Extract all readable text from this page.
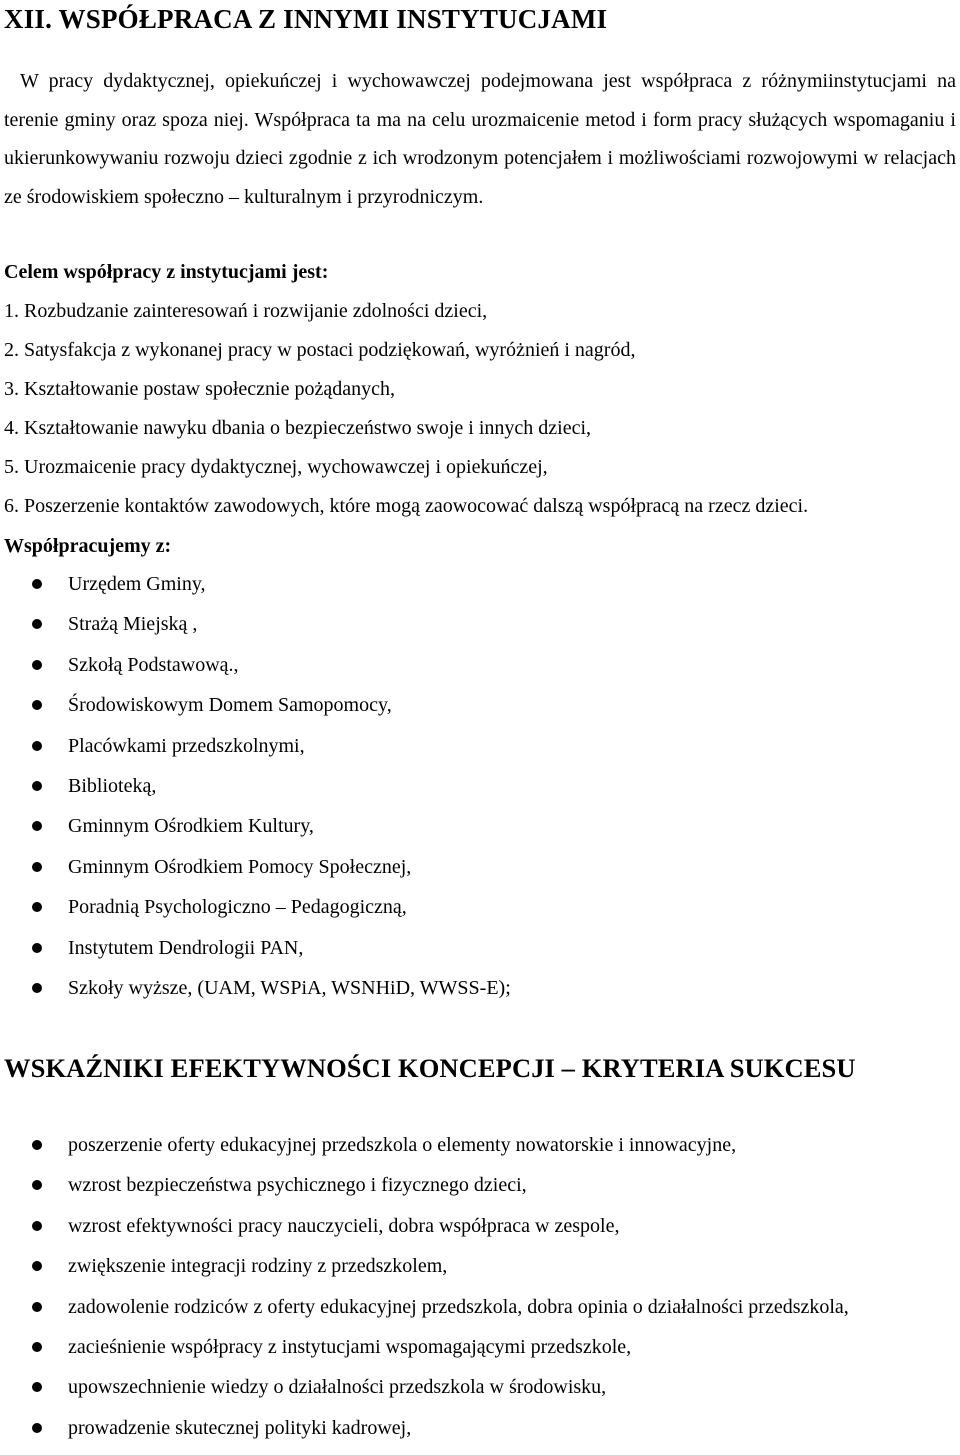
XII. WSPÓŁPRACA Z INNYMI INSTYTUCJAMI

W pracy dydaktycznej, opiekuńczej i wychowawczej podejmowana jest współpraca z różnymiinstytucjami na terenie gminy oraz spoza niej. Współpraca ta ma na celu urozmaicenie metod i form pracy służących wspomaganiu i ukierunkowywaniu rozwoju dzieci zgodnie z ich wrodzonym potencjałem i możliwościami rozwojowymi w relacjach ze środowiskiem społeczno – kulturalnym i przyrodniczym.

Celem współpracy z instytucjami jest:
1. Rozbudzanie zainteresowań i rozwijanie zdolności dzieci,
2. Satysfakcja z wykonanej pracy w postaci podziękowań, wyróżnień i nagród,
3. Kształtowanie postaw społecznie pożądanych,
4. Kształtowanie nawyku dbania o bezpieczeństwo swoje i innych dzieci,
5. Urozmaicenie pracy dydaktycznej, wychowawczej i opiekuńczej,
6. Poszerzenie kontaktów zawodowych, które mogą zaowocować dalszą współpracą na rzecz dzieci.
Współpracujemy z:
Urzędem Gminy,
Strażą Miejską ,
Szkołą Podstawową.,
Środowiskowym Domem Samopomocy,
Placówkami przedszkolnymi,
Biblioteką,
Gminnym Ośrodkiem Kultury,
Gminnym Ośrodkiem Pomocy Społecznej,
Poradnią Psychologiczno – Pedagogiczną,
Instytutem Dendrologii PAN,
Szkoły wyższe, (UAM, WSPiA, WSNHiD, WWSS-E);
WSKAŹNIKI EFEKTYWNOŚCI KONCEPCJI – KRYTERIA SUKCESU
poszerzenie oferty edukacyjnej przedszkola o elementy nowatorskie i innowacyjne,
wzrost bezpieczeństwa psychicznego i fizycznego dzieci,
wzrost efektywności pracy nauczycieli, dobra współpraca w zespole,
zwiększenie integracji rodziny z przedszkolem,
zadowolenie rodziców z oferty edukacyjnej przedszkola, dobra opinia o działalności przedszkola,
zacieśnienie współpracy z instytucjami wspomagającymi przedszkole,
upowszechnienie wiedzy o działalności przedszkola w środowisku,
prowadzenie skutecznej polityki kadrowej,
